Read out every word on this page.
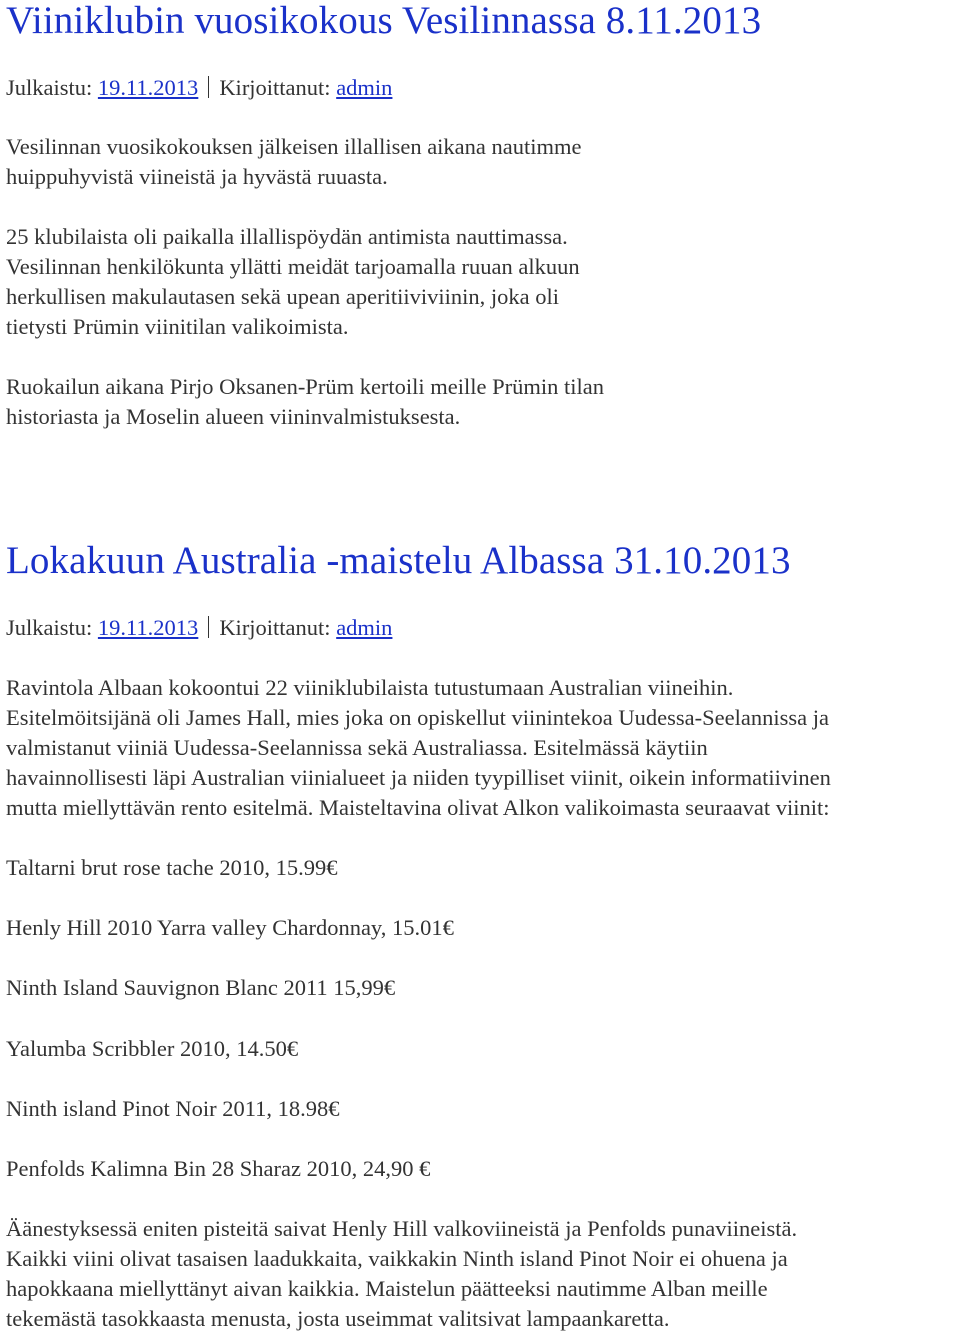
Viiniklubin vuosikokous Vesilinnassa 8.11.2013

Julkaistu: 19.11.2013 Kirjoittanut: admin

Vesilinnan vuosikokouksen jälkeisen illallisen aikana nautimme
huippuhyvistä viineistä ja hyvästä ruuasta.

25 klubilaista oli paikalla illallispöydän antimista nauttimassa.
Vesilinnan henkilökunta yllätti meidät tarjoamalla ruuan alkuun
herkullisen makulautasen sekä upean aperitiiviviinin, joka oli
tietysti Prümin viinitilan valikoimista.

Ruokailun aikana Pirjo Oksanen-Prüm kertoili meille Prümin tilan
historiasta ja Moselin alueen viininvalmistuksesta.

Lokakuun Australia -maistelu Albassa 31.10.2013

Julkaistu: 19.11.2013 Kirjoittanut: admin

Ravintola Albaan kokoontui 22 viiniklubilaista tutustumaan Australian viineihin.
Esitelmöitsijänä oli James Hall, mies joka on opiskellut viinintekoa Uudessa-Seelannissa ja
valmistanut viiniä Uudessa-Seelannissa sekä Australiassa. Esitelmässä käytiin
havainnollisesti läpi Australian viinialueet ja niiden tyypilliset viinit, oikein informatiivinen
mutta miellyttävän rento esitelmä. Maisteltavina olivat Alkon valikoimasta seuraavat viinit:

Taltarni brut rose tache 2010, 15.99€

Henly Hill 2010 Yarra valley Chardonnay, 15.01€

Ninth Island Sauvignon Blanc 2011 15,99€

Yalumba Scribbler 2010, 14.50€

Ninth island Pinot Noir 2011, 18.98€

Penfolds Kalimna Bin 28 Sharaz 2010, 24,90 €

Äänestyksessä eniten pisteitä saivat Henly Hill valkoviineistä ja Penfolds punaviineistä.
Kaikki viini olivat tasaisen laadukkaita, vaikkakin Ninth island Pinot Noir ei ohuena ja
hapokkaana miellyttänyt aivan kaikkia. Maistelun päätteeksi nautimme Alban meille
tekemästä tasokkaasta menusta, josta useimmat valitsivat lampaankaretta.
